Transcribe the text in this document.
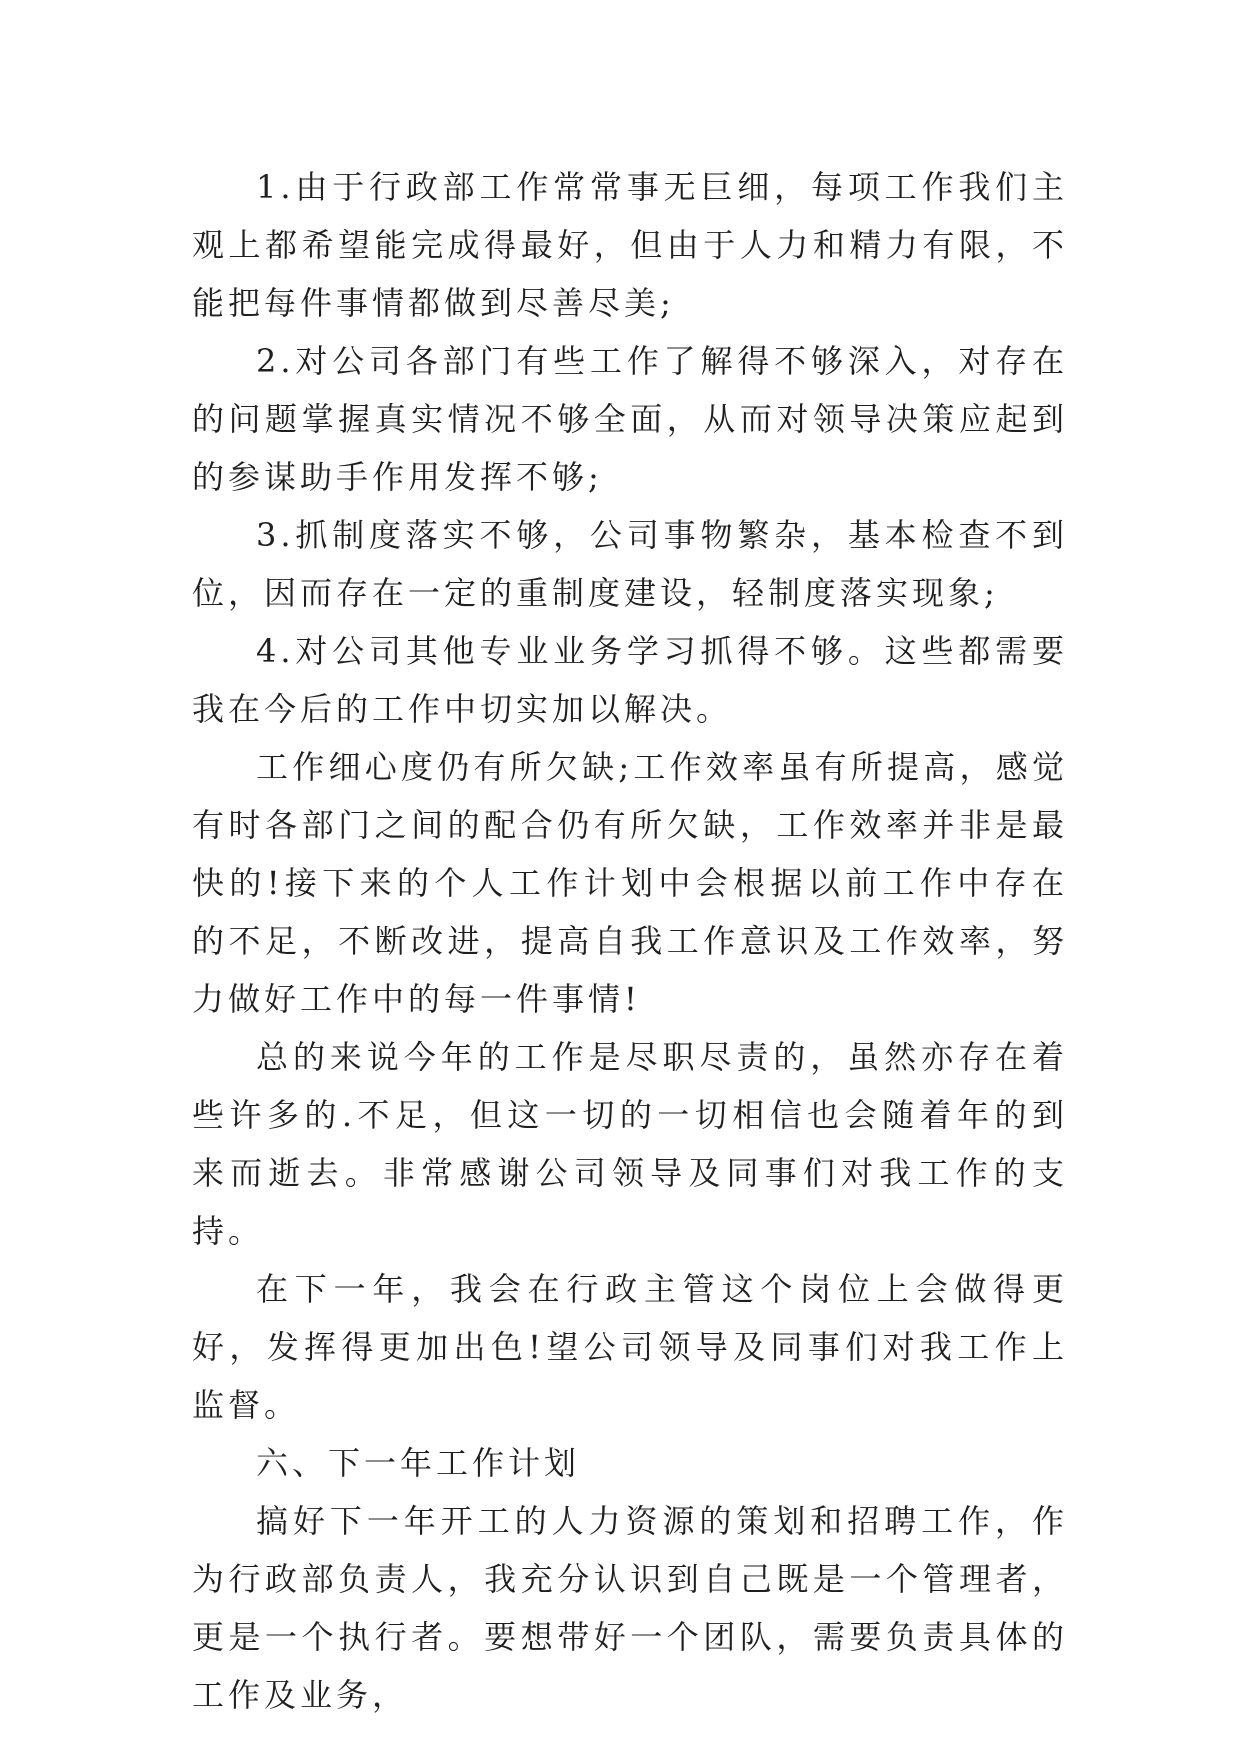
1.由于行政部工作常常事无巨细，每项工作我们主观上都希望能完成得最好，但由于人力和精力有限，不能把每件事情都做到尽善尽美;

2.对公司各部门有些工作了解得不够深入，对存在的问题掌握真实情况不够全面，从而对领导决策应起到的参谋助手作用发挥不够;

3.抓制度落实不够，公司事物繁杂，基本检查不到位，因而存在一定的重制度建设，轻制度落实现象;

4.对公司其他专业业务学习抓得不够。这些都需要我在今后的工作中切实加以解决。

工作细心度仍有所欠缺;工作效率虽有所提高，感觉有时各部门之间的配合仍有所欠缺，工作效率并非是最快的!接下来的个人工作计划中会根据以前工作中存在的不足，不断改进，提高自我工作意识及工作效率，努力做好工作中的每一件事情!

总的来说今年的工作是尽职尽责的，虽然亦存在着些许多的.不足，但这一切的一切相信也会随着年的到来而逝去。非常感谢公司领导及同事们对我工作的支持。

在下一年，我会在行政主管这个岗位上会做得更好，发挥得更加出色!望公司领导及同事们对我工作上监督。

六、下一年工作计划

搞好下一年开工的人力资源的策划和招聘工作，作为行政部负责人，我充分认识到自己既是一个管理者，更是一个执行者。要想带好一个团队，需要负责具体的工作及业务，
